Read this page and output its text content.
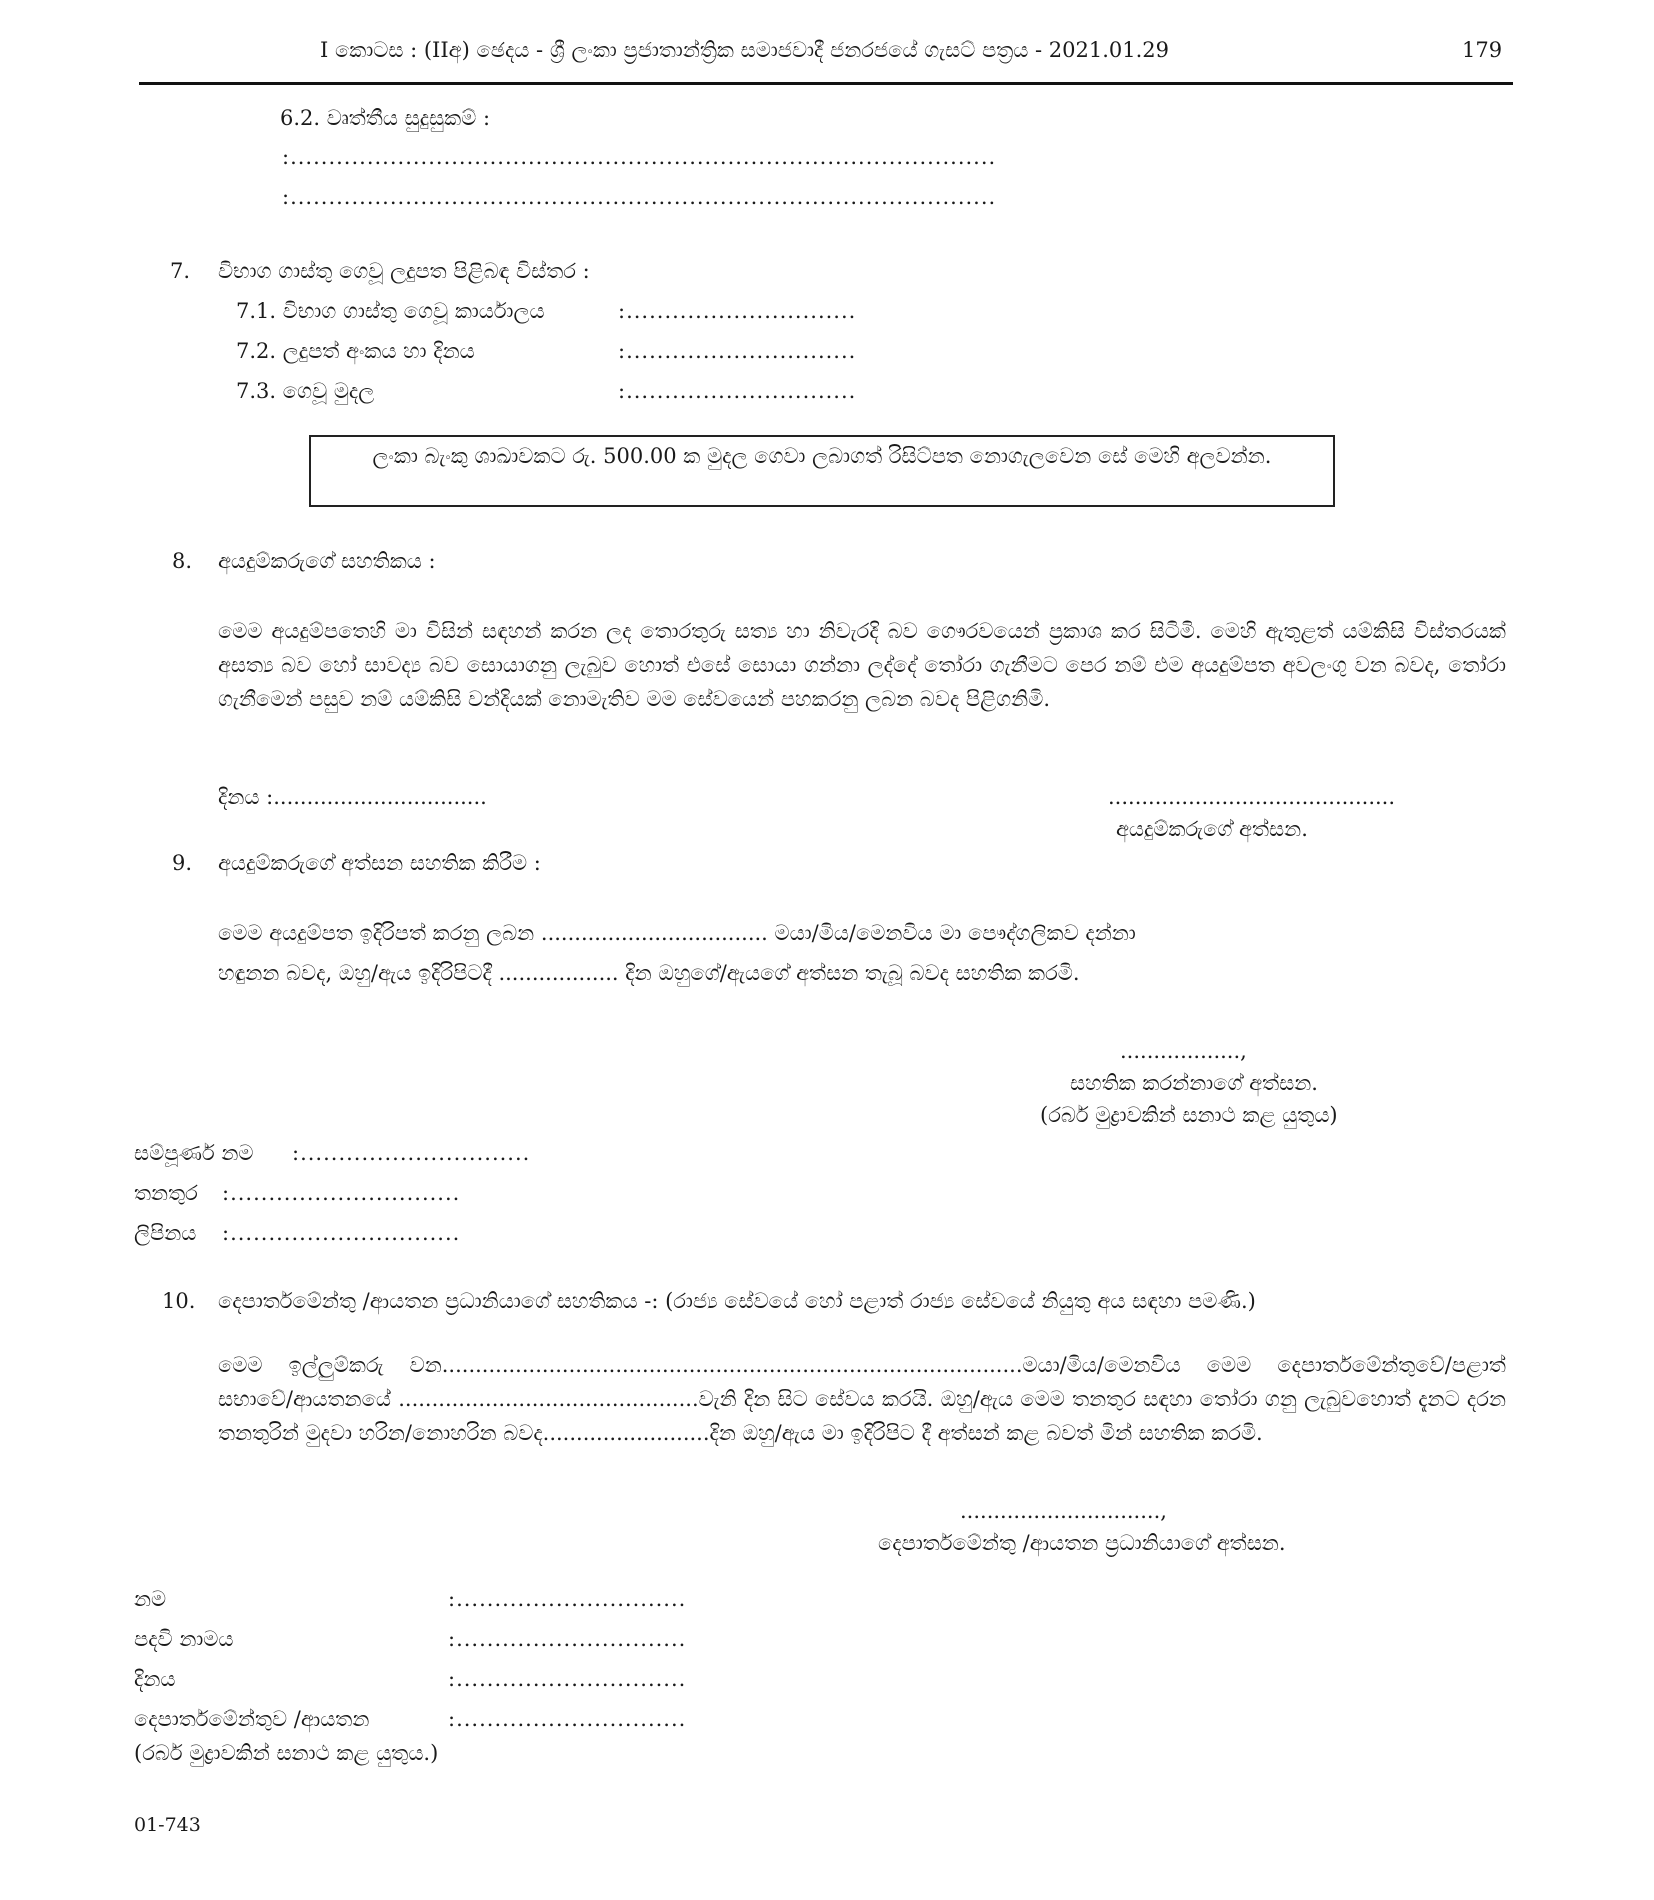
I කොටස : (IIඅ) ඡෙදය - ශ්‍රී ලංකා ප්‍රජාතාන්ත්‍රික සමාජවාදී ජනරජයේ ගැසට් පත්‍රය - 2021.01.29	179
6.2. වෘත්තීය සුදුසුකම් :
:............................................................................................
:............................................................................................
7. විභාග ගාස්තු ගෙවූ ලදුපත පිළිබඳ විස්තර :
7.1. විභාග ගාස්තු ගෙවූ කාර්යාලය	:..............................
7.2. ලදුපත් අංකය හා දිනය	:..............................
7.3. ගෙවූ මුදල	:..............................
ලංකා බැංකු ශාඛාවකට රු. 500.00 ක මුදල ගෙවා ලබාගත් රිසිට්පත නොගැලවෙන සේ මෙහි අලවන්න.
8. අයදුම්කරුගේ සහතිකය :
මෙම අයදුම්පතෙහි මා විසින් සඳහන් කරන ලද තොරතුරු සත්‍ය හා නිවැරදි බව ගෞරවයෙන් ප්‍රකාශ කර සිටිමි. මෙහි ඇතුළත් යම්කිසි විස්තරයක් අසත්‍ය බව හෝ සාවද්‍ය බව සොයාගනු ලැබුව හොත් එසේ සොයා ගන්නා ලද්දේ තෝරා ගැනීමට පෙර නම් එම අයදුම්පත අවලංගු වන බවද, තෝරා ගැනීමෙන් පසුව නම් යම්කිසි වන්දියක් නොමැතිව මම සේවයෙන් පහකරනු ලබන බවද පිළිගනිමි.
දිනය :................................	...........................................
අයදුම්කරුගේ අත්සන.
9. අයදුම්කරුගේ අත්සන සහතික කිරීම :
මෙම අයදුම්පත ඉදිරිපත් කරනු ලබන .................................. මයා/මිය/මෙනවිය මා පෞද්ගලිකව දන්නා
හඳුනන බවද, ඔහු/ඇය ඉදිරිපිටදී .................. දින ඔහුගේ/ඇයගේ අත්සන තැබූ බවද සහතික කරමි.
..................,
සහතික කරන්නාගේ අත්සන.
(රබර් මුද්‍රාවකින් සනාථ කළ යුතුය)
සම්පූර්ණ නම :..............................
තනතුර :..............................
ලිපිනය :..............................
10. දෙපාර්තමේන්තු /ආයතන ප්‍රධානියාගේ සහතිකය -: (රාජ්‍ය සේවයේ හෝ පළාත් රාජ්‍ය සේවයේ නියුතු අය සඳහා පමණි.)
මෙම ඉල්ලුම්කරු වන.......................................................................................මයා/මිය/මෙනවිය මෙම දෙපාර්තමේන්තුවේ/පළාත් සභාවේ/ආයතනයේ .............................................වැනි දින සිට සේවය කරයි. ඔහු/ඇය මෙම තනතුර සඳහා තෝරා ගනු ලැබුවහොත් දැනට දරන තනතුරින් මුදවා හරින/නොහරින බවද.........................දින ඔහු/ඇය මා ඉදිරිපිට දී අත්සන් කළ බවත් මින් සහතික කරමි.
..............................,
දෙපාර්තමේන්තු /ආයතන ප්‍රධානියාගේ අත්සන.
නම	:..............................
පදවි නාමය	:..............................
දිනය	:..............................
දෙපාර්තමේන්තුව /ආයතන	:..............................
(රබර් මුද්‍රාවකින් සනාථ කළ යුතුය.)
01-743
